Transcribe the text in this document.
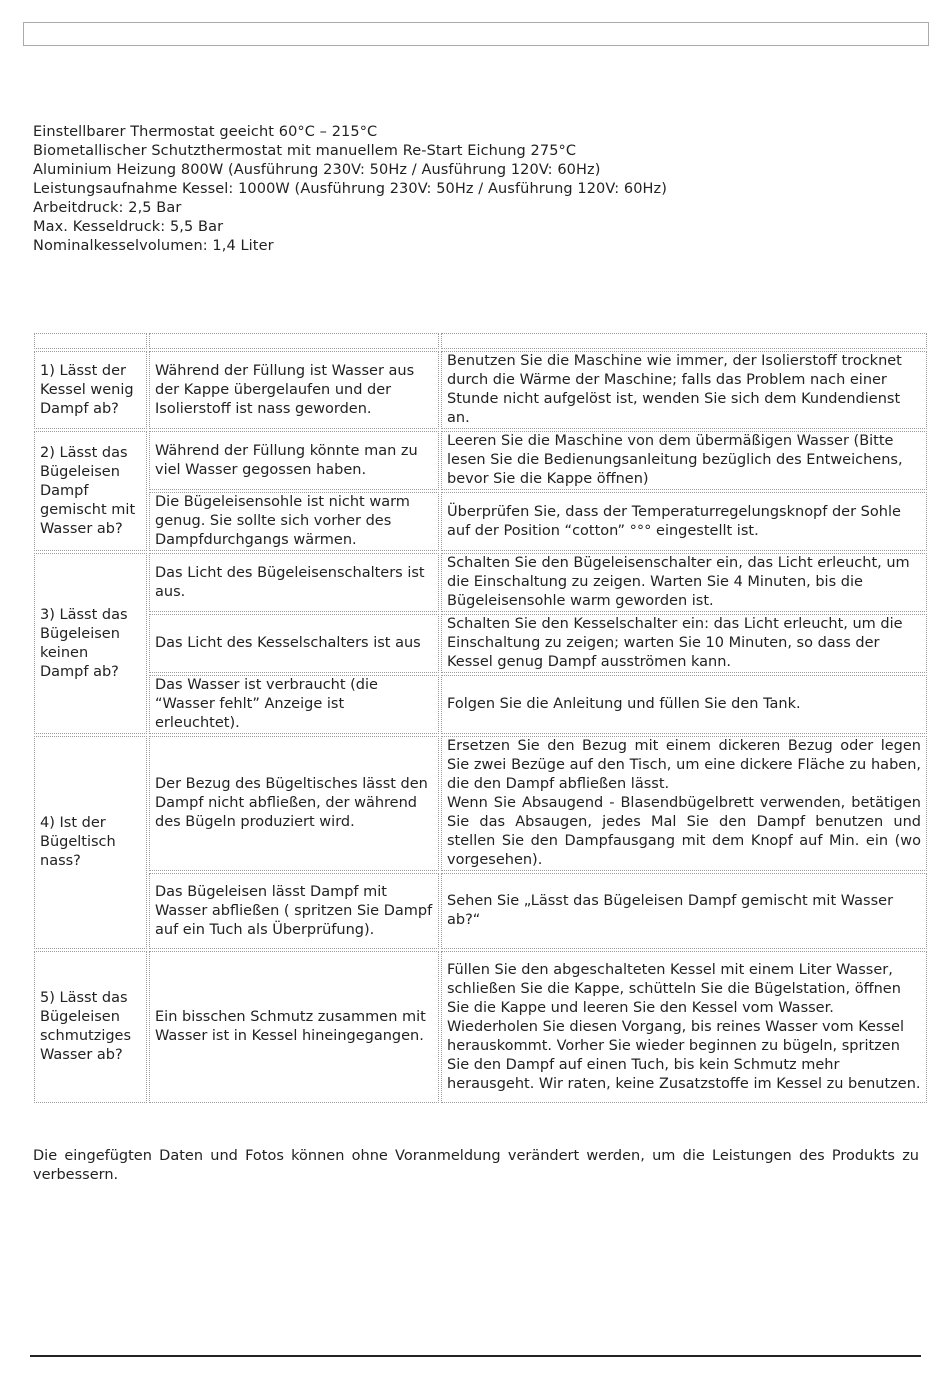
Einstellbarer Thermostat geeicht 60°C – 215°C
Biometallischer Schutzthermostat mit manuellem Re-Start Eichung 275°C
Aluminium Heizung 800W (Ausführung 230V: 50Hz / Ausführung 120V: 60Hz)
Leistungsaufnahme Kessel: 1000W (Ausführung 230V: 50Hz / Ausführung 120V: 60Hz)
Arbeitdruck: 2,5 Bar
Max. Kesseldruck: 5,5 Bar
Nominalkesselvolumen: 1,4 Liter

1) Lässt der Kessel wenig Dampf ab?	Während der Füllung ist Wasser aus der Kappe übergelaufen und der Isolierstoff ist nass geworden.	Benutzen Sie die Maschine wie immer, der Isolierstoff trocknet durch die Wärme der Maschine; falls das Problem nach einer Stunde nicht aufgelöst ist, wenden Sie sich dem Kundendienst an.
2) Lässt das Bügeleisen Dampf gemischt mit Wasser ab?	Während der Füllung könnte man zu viel Wasser gegossen haben.	Leeren Sie die Maschine von dem übermäßigen Wasser (Bitte lesen Sie die Bedienungsanleitung bezüglich des Entweichens, bevor Sie die Kappe öffnen)
	Die Bügeleisensohle ist nicht warm genug. Sie sollte sich vorher des Dampfdurchgangs wärmen.	Überprüfen Sie, dass der Temperaturregelungsknopf der Sohle auf der Position “cotton” °°° eingestellt ist.
3) Lässt das Bügeleisen keinen Dampf ab?	Das Licht des Bügeleisenschalters ist aus.	Schalten Sie den Bügeleisenschalter ein, das Licht erleucht, um die Einschaltung zu zeigen. Warten Sie 4 Minuten, bis die Bügeleisensohle warm geworden ist.
	Das Licht des Kesselschalters ist aus	Schalten Sie den Kesselschalter ein: das Licht erleucht, um die Einschaltung zu zeigen; warten Sie 10 Minuten, so dass der Kessel genug Dampf ausströmen kann.
	Das Wasser ist verbraucht (die “Wasser fehlt” Anzeige ist erleuchtet).	Folgen Sie die Anleitung und füllen Sie den Tank.
4) Ist der Bügeltisch nass?	Der Bezug des Bügeltisches lässt den Dampf nicht abfließen, der während des Bügeln produziert wird.	Ersetzen Sie den Bezug mit einem dickeren Bezug oder legen Sie zwei Bezüge auf den Tisch, um eine dickere Fläche zu haben, die den Dampf abfließen lässt.
Wenn Sie Absaugend - Blasendbügelbrett verwenden, betätigen Sie das Absaugen, jedes Mal Sie den Dampf benutzen und stellen Sie den Dampfausgang mit dem Knopf auf Min. ein (wo vorgesehen).

	Das Bügeleisen lässt Dampf mit Wasser abfließen ( spritzen Sie Dampf auf ein Tuch als Überprüfung).	Sehen Sie „Lässt das Bügeleisen Dampf gemischt mit Wasser ab?“
5) Lässt das Bügeleisen schmutziges Wasser ab?	Ein bisschen Schmutz zusammen mit Wasser ist in Kessel hineingegangen.	Füllen Sie den abgeschalteten Kessel mit einem Liter Wasser, schließen Sie die Kappe, schütteln Sie die Bügelstation, öffnen Sie die Kappe und leeren Sie den Kessel vom Wasser. Wiederholen Sie diesen Vorgang, bis reines Wasser vom Kessel herauskommt. Vorher Sie wieder beginnen zu bügeln, spritzen Sie den Dampf auf einen Tuch, bis kein Schmutz mehr herausgeht. Wir raten, keine Zusatzstoffe im Kessel zu benutzen.
Die eingefügten Daten und Fotos können ohne Voranmeldung verändert werden, um die Leistungen des Produkts zu verbessern.
